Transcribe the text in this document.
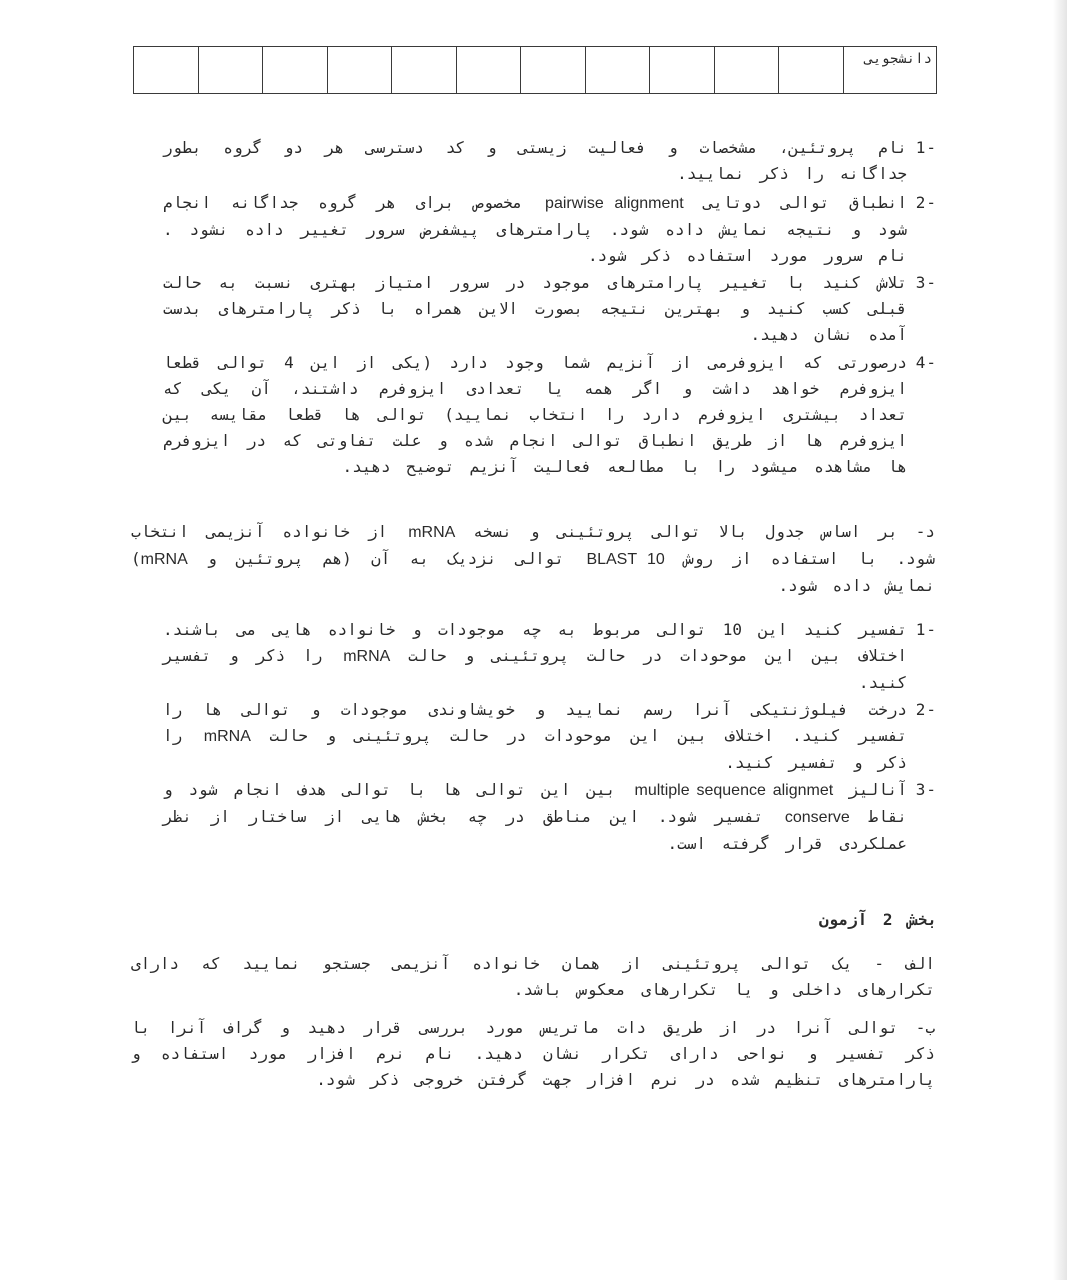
دانشجویی											
1-

نام پروتئین، مشخصات و فعالیت زیستی و کد دسترسی هر دو گروه بطور جداگانه را ذکر نمایید.

2-

انطباق توالی دوتایی pairwise alignment مخصوص برای هر گروه جداگانه انجام شود و نتیجه نمایش داده شود. پارامترهای پیشفرض سرور تغییر داده نشود . نام سرور مورد استفاده ذکر شود.

3-

تلاش کنید با تغییر پارامترهای موجود در سرور امتیاز بهتری نسبت به حالت قبلی کسب کنید و بهترین نتیجه بصورت الاین همراه با ذکر پارامترهای بدست آمده نشان دهید.

4-

درصورتی که ایزوفرمی از آنزیم شما وجود دارد (یکی از این 4 توالی قطعا ایزوفرم خواهد داشت و اگر همه یا تعدادی ایزوفرم داشتند، آن یکی که تعداد بیشتری ایزوفرم دارد را انتخاب نمایید) توالی ها قطعا مقایسه بین ایزوفرم ها از طریق انطباق توالی انجام شده و علت تفاوتی که در ایزوفرم ها مشاهده میشود را با مطالعه فعالیت آنزیم توضیح دهید.

د- بر اساس جدول بالا توالی پروتئینی و نسخه mRNA از خانواده آنزیمی انتخاب شود. با استفاده از روش BLAST 10 توالی نزدیک به آن (هم پروتئین و mRNA) نمایش داده شود.

1-

تفسیر کنید این 10 توالی مربوط به چه موجودات و خانواده هایی می باشند. اختلاف بین این موحودات در حالت پروتئینی و حالت mRNA را ذکر و تفسیر کنید.

2-

درخت فیلوژنتیکی آنرا رسم نمایید و خویشاوندی موجودات و توالی ها را تفسیر کنید. اختلاف بین این موحودات در حالت پروتئینی و حالت mRNA را ذکر و تفسیر کنید.

3-

آنالیز multiple sequence alignmet بین این توالی ها با توالی هدف انجام شود و نقاط conserve تفسیر شود. این مناطق در چه بخش هایی از ساختار از نظر عملکردی قرار گرفته است.

بخش 2 آزمون

الف - یک توالی پروتئینی از همان خانواده آنزیمی جستجو نمایید که دارای تکرارهای داخلی و یا تکرارهای معکوس باشد.

ب- توالی آنرا در از طریق دات ماتریس مورد بررسی قرار دهید و گراف آنرا با ذکر تفسیر و نواحی دارای تکرار نشان دهید. نام نرم افزار مورد استفاده و پارامترهای تنظیم شده در نرم افزار جهت گرفتن خروجی ذکر شود.
